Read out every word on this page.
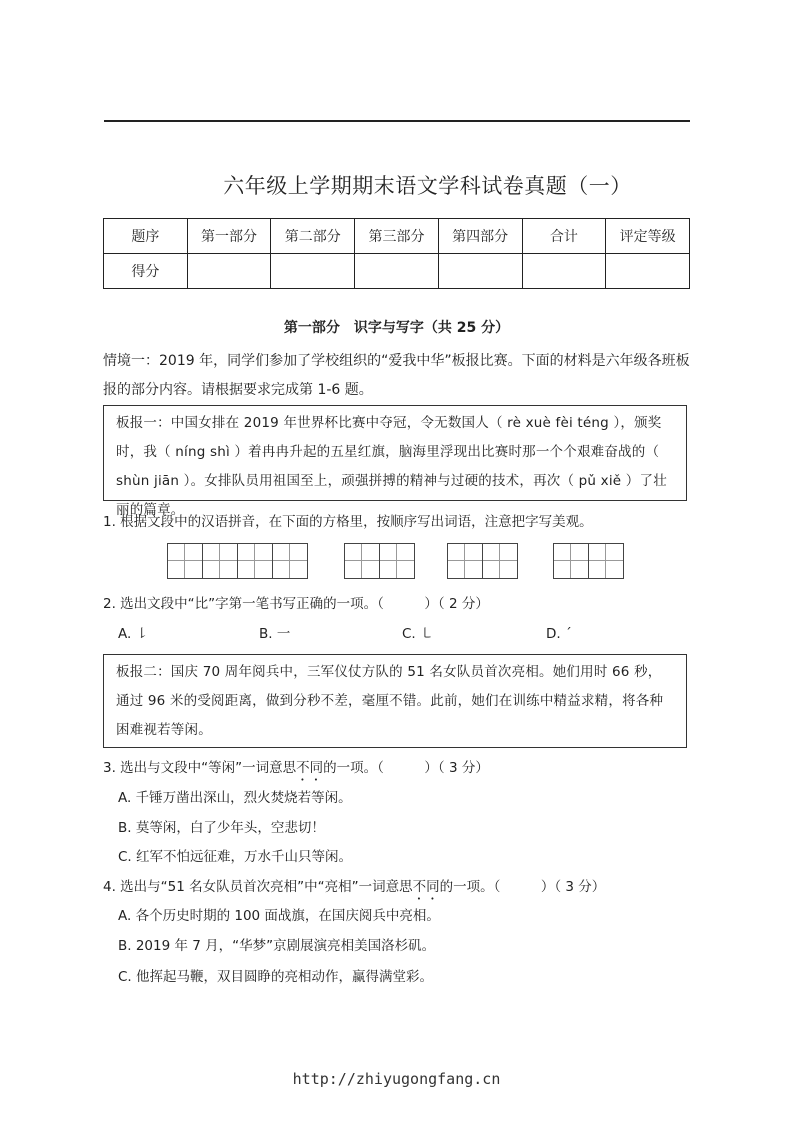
六年级上学期期末语文学科试卷真题（一）
题序	第一部分	第二部分	第三部分	第四部分	合计	评定等级
得分						
第一部分　识字与写字（共 25 分）
情境一：2019 年，同学们参加了学校组织的“爱我中华”板报比赛。下面的材料是六年级各班板报的部分内容。请根据要求完成第 1-6 题。
板报一：中国女排在 2019 年世界杯比赛中夺冠，令无数国人（ rè xuè fèi téng ），颁奖时，我（ níng shì ）着冉冉升起的五星红旗，脑海里浮现出比赛时那一个个艰难奋战的（ shùn jiān ）。女排队员用祖国至上，顽强拼搏的精神与过硬的技术，再次（ pǔ xiě ）了壮丽的篇章。
1. 根据文段中的汉语拼音，在下面的方格里，按顺序写出词语，注意把字写美观。
2. 选出文段中“比”字第一笔书写正确的一项。（　　　）（ 2 分）
A. ㇙	B. 一	C. ㇄	D. ˊ
板报二：国庆 70 周年阅兵中，三军仪仗方队的 51 名女队员首次亮相。她们用时 66 秒，通过 96 米的受阅距离，做到分秒不差，毫厘不错。此前，她们在训练中精益求精，将各种困难视若等闲。
3. 选出与文段中“等闲”一词意思不同的一项。（　　　）（ 3 分）
A. 千锤万凿出深山，烈火焚烧若等闲。
B. 莫等闲，白了少年头，空悲切！
C. 红军不怕远征难，万水千山只等闲。
4. 选出与“51 名女队员首次亮相”中“亮相”一词意思不同的一项。（　　　）（ 3 分）
A. 各个历史时期的 100 面战旗，在国庆阅兵中亮相。
B. 2019 年 7 月，“华梦”京剧展演亮相美国洛杉矶。
C. 他挥起马鞭，双目圆睁的亮相动作，赢得满堂彩。
http://zhiyugongfang.cn
